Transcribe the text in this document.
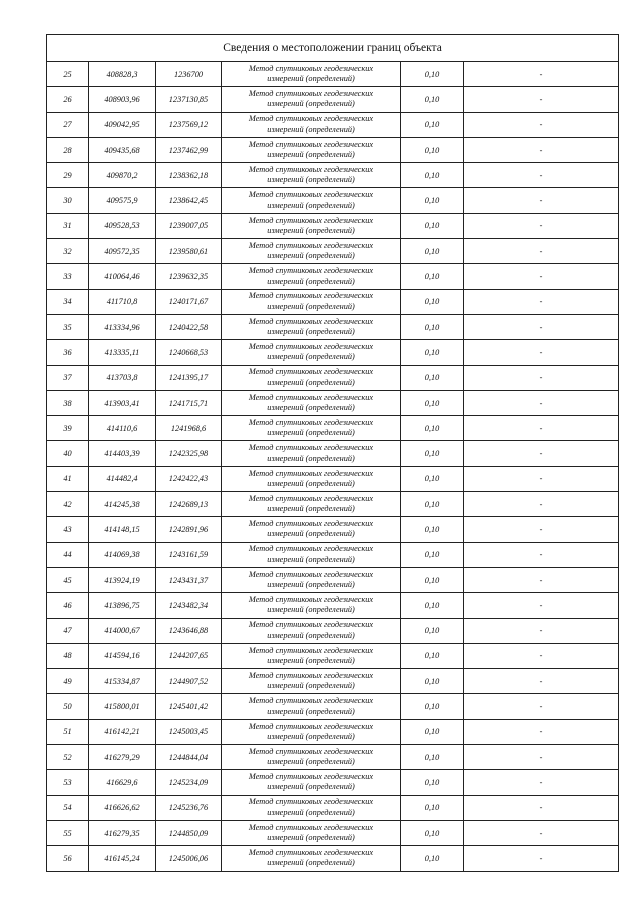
Сведения о местоположении границ объекта					
25	408828,3	1236700	Метод спутниковых геодезических
измерений (определений)	0,10	-
26	408903,96	1237130,85	Метод спутниковых геодезических
измерений (определений)	0,10	-
27	409042,95	1237569,12	Метод спутниковых геодезических
измерений (определений)	0,10	-
28	409435,68	1237462,99	Метод спутниковых геодезических
измерений (определений)	0,10	-
29	409870,2	1238362,18	Метод спутниковых геодезических
измерений (определений)	0,10	-
30	409575,9	1238642,45	Метод спутниковых геодезических
измерений (определений)	0,10	-
31	409528,53	1239007,05	Метод спутниковых геодезических
измерений (определений)	0,10	-
32	409572,35	1239580,61	Метод спутниковых геодезических
измерений (определений)	0,10	-
33	410064,46	1239632,35	Метод спутниковых геодезических
измерений (определений)	0,10	-
34	411710,8	1240171,67	Метод спутниковых геодезических
измерений (определений)	0,10	-
35	413334,96	1240422,58	Метод спутниковых геодезических
измерений (определений)	0,10	-
36	413335,11	1240668,53	Метод спутниковых геодезических
измерений (определений)	0,10	-
37	413703,8	1241395,17	Метод спутниковых геодезических
измерений (определений)	0,10	-
38	413903,41	1241715,71	Метод спутниковых геодезических
измерений (определений)	0,10	-
39	414110,6	1241968,6	Метод спутниковых геодезических
измерений (определений)	0,10	-
40	414403,39	1242325,98	Метод спутниковых геодезических
измерений (определений)	0,10	-
41	414482,4	1242422,43	Метод спутниковых геодезических
измерений (определений)	0,10	-
42	414245,38	1242689,13	Метод спутниковых геодезических
измерений (определений)	0,10	-
43	414148,15	1242891,96	Метод спутниковых геодезических
измерений (определений)	0,10	-
44	414069,38	1243161,59	Метод спутниковых геодезических
измерений (определений)	0,10	-
45	413924,19	1243431,37	Метод спутниковых геодезических
измерений (определений)	0,10	-
46	413896,75	1243482,34	Метод спутниковых геодезических
измерений (определений)	0,10	-
47	414000,67	1243646,88	Метод спутниковых геодезических
измерений (определений)	0,10	-
48	414594,16	1244207,65	Метод спутниковых геодезических
измерений (определений)	0,10	-
49	415334,87	1244907,52	Метод спутниковых геодезических
измерений (определений)	0,10	-
50	415800,01	1245401,42	Метод спутниковых геодезических
измерений (определений)	0,10	-
51	416142,21	1245003,45	Метод спутниковых геодезических
измерений (определений)	0,10	-
52	416279,29	1244844,04	Метод спутниковых геодезических
измерений (определений)	0,10	-
53	416629,6	1245234,09	Метод спутниковых геодезических
измерений (определений)	0,10	-
54	416626,62	1245236,76	Метод спутниковых геодезических
измерений (определений)	0,10	-
55	416279,35	1244850,09	Метод спутниковых геодезических
измерений (определений)	0,10	-
56	416145,24	1245006,06	Метод спутниковых геодезических
измерений (определений)	0,10	-
